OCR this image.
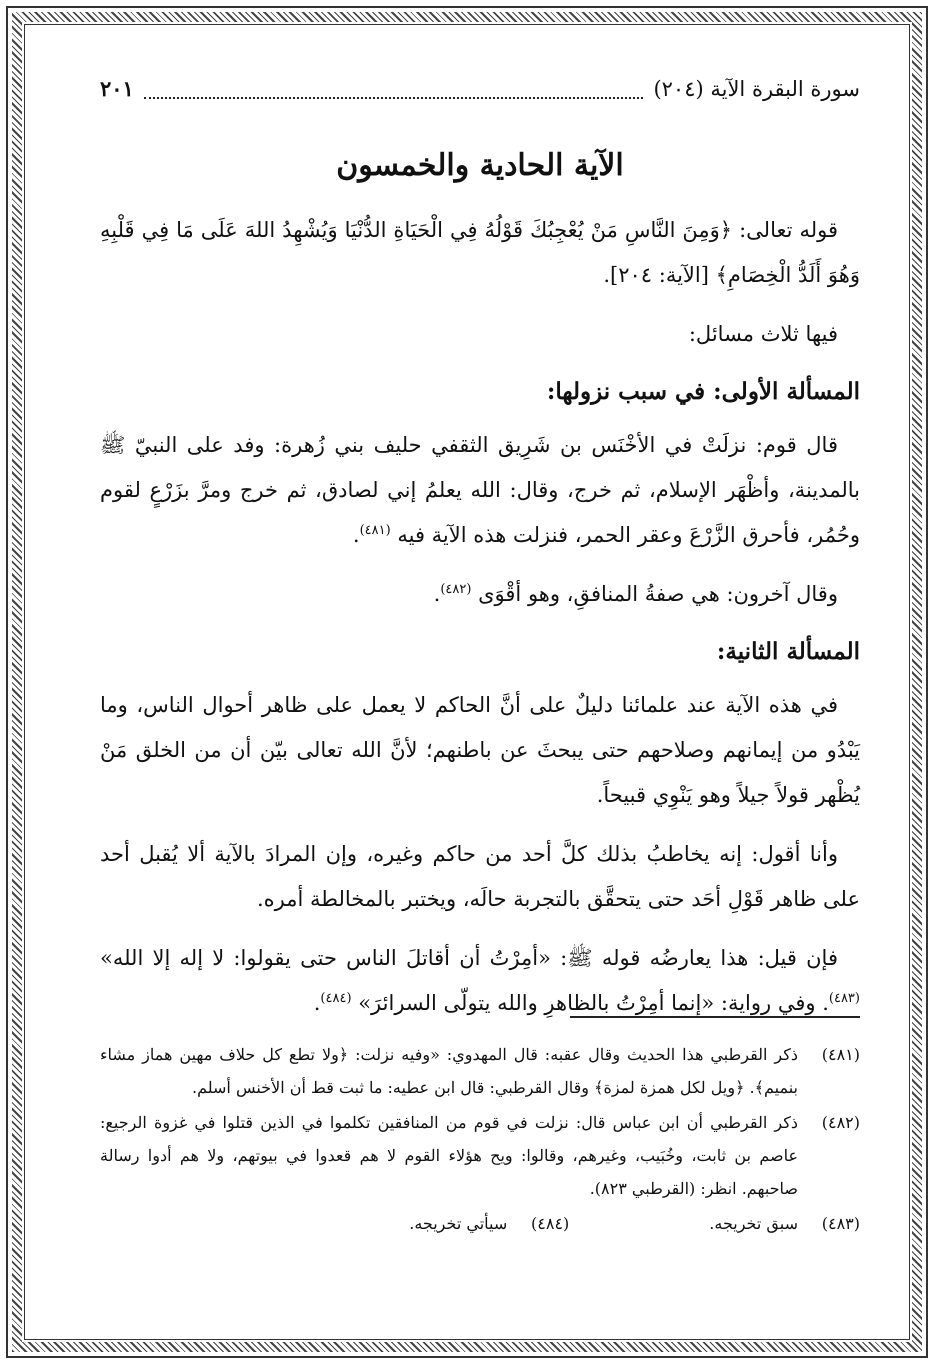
سورة البقرة الآية (٢٠٤)
٢٠١
الآية الحادية والخمسون

قوله تعالى: ﴿وَمِنَ النَّاسِ مَنْ يُعْجِبُكَ قَوْلُهُ فِي الْحَيَاةِ الدُّنْيَا وَيُشْهِدُ اللهَ عَلَى مَا فِي قَلْبِهِ وَهُوَ أَلَدُّ الْخِصَامِ﴾ [الآية: ٢٠٤].

فيها ثلاث مسائل:

المسألة الأولى: في سبب نزولها:

قال قوم: نزلَتْ في الأخْنَس بن شَرِيق الثقفي حليف بني زُهرة: وفد على النبيّ ﷺ بالمدينة، وأظْهَر الإسلام، ثم خرج، وقال: الله يعلمُ إني لصادق، ثم خرج ومرَّ بزَرْعٍ لقوم وحُمُر، فأحرق الزَّرْعَ وعقر الحمر، فنزلت هذه الآية فيه $^{(٤٨١)}$.

وقال آخرون: هي صفةُ المنافقِ، وهو أقْوَى $^{(٤٨٢)}$.

المسألة الثانية:

في هذه الآية عند علمائنا دليلٌ على أنَّ الحاكم لا يعمل على ظاهر أحوال الناس، وما يَبْدُو من إيمانهم وصلاحهم حتى يبحثَ عن باطنهم؛ لأنَّ الله تعالى بيّن أن من الخلق مَنْ يُظْهر قولاً جيلاً وهو يَنْوِي قبيحاً.

وأنا أقول: إنه يخاطبُ بذلك كلَّ أحد من حاكم وغيره، وإن المرادَ بالآية ألا يُقبل أحد على ظاهر قَوْلِ أحَد حتى يتحقَّق بالتجربة حالَه، ويختبر بالمخالطة أمره.

فإن قيل: هذا يعارضُه قوله ﷺ: «أمِرْتُ أن أقاتلَ الناس حتى يقولوا: لا إله إلا الله» $^{(٤٨٣)}$. وفي رواية: «إنما أمِرْتُ بالظاهرِ والله يتولّى السرائرَ» $^{(٤٨٤)}$.

(٤٨١)
ذكر القرطبي هذا الحديث وقال عقبه: قال المهدوي: «وفيه نزلت: ﴿ولا تطع كل حلاف مهين هماز مشاء بنميم﴾. ﴿ويل لكل همزة لمزة﴾ وقال القرطبي: قال ابن عطيه: ما ثبت قط أن الأخنس أسلم.
(٤٨٢)
ذكر القرطبي أن ابن عباس قال: نزلت في قوم من المنافقين تكلموا في الذين قتلوا في غزوة الرجيع: عاصم بن ثابت، وخُبَيب، وغيرهم، وقالوا: ويح هؤلاء القوم لا هم قعدوا في بيوتهم، ولا هم أدوا رسالة صاحبهم. انظر: (القرطبي ٨٢٣).
(٤٨٣)
سبق تخريجه.
(٤٨٤)
سيأتي تخريجه.
